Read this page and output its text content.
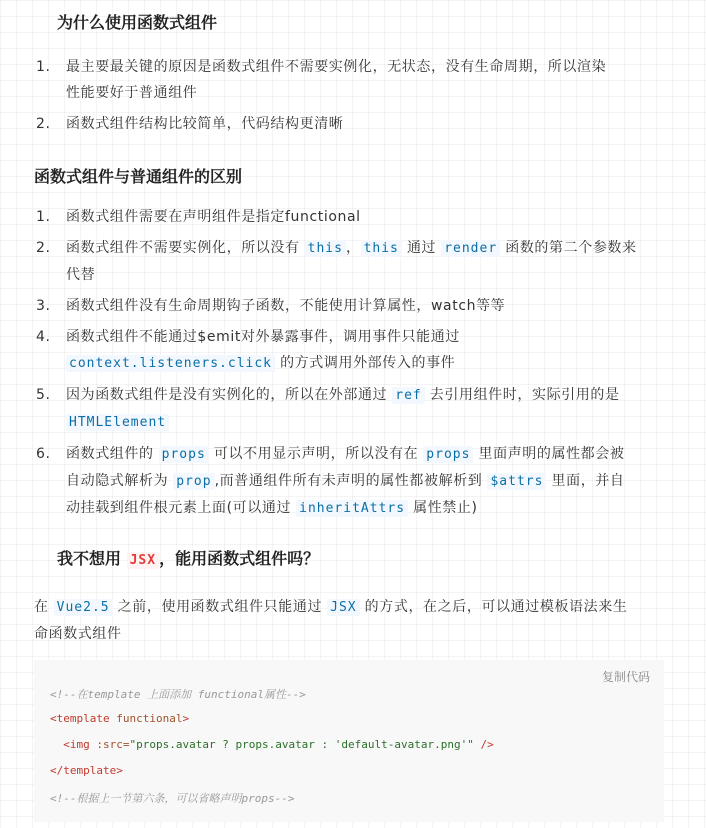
为什么使用函数式组件
1. 最主要最关键的原因是函数式组件不需要实例化，无状态，没有生命周期，所以渲染
性能要好于普通组件
2. 函数式组件结构比较简单，代码结构更清晰
函数式组件与普通组件的区别
1. 函数式组件需要在声明组件是指定functional
2. 函数式组件不需要实例化，所以没有 this ， this 通过 render 函数的第二个参数来
代替
3. 函数式组件没有生命周期钩子函数，不能使用计算属性，watch等等
4. 函数式组件不能通过$emit对外暴露事件，调用事件只能通过
context.listeners.click 的方式调用外部传入的事件
5. 因为函数式组件是没有实例化的，所以在外部通过 ref 去引用组件时，实际引用的是
HTMLElement
6. 函数式组件的 props 可以不用显示声明，所以没有在 props 里面声明的属性都会被
自动隐式解析为 prop ,而普通组件所有未声明的属性都被解析到 $attrs 里面，并自
动挂载到组件根元素上面(可以通过 inheritAttrs 属性禁止)
我不想用 JSX ，能用函数式组件吗？

在 Vue2.5 之前，使用函数式组件只能通过 JSX 的方式，在之后，可以通过模板语法来生
命函数式组件

复制代码
<!--在template 上面添加 functional属性-->
<template functional>
<img :src="props.avatar ? props.avatar : 'default-avatar.png'" />
</template>
<!--根据上一节第六条，可以省略声明props-->
